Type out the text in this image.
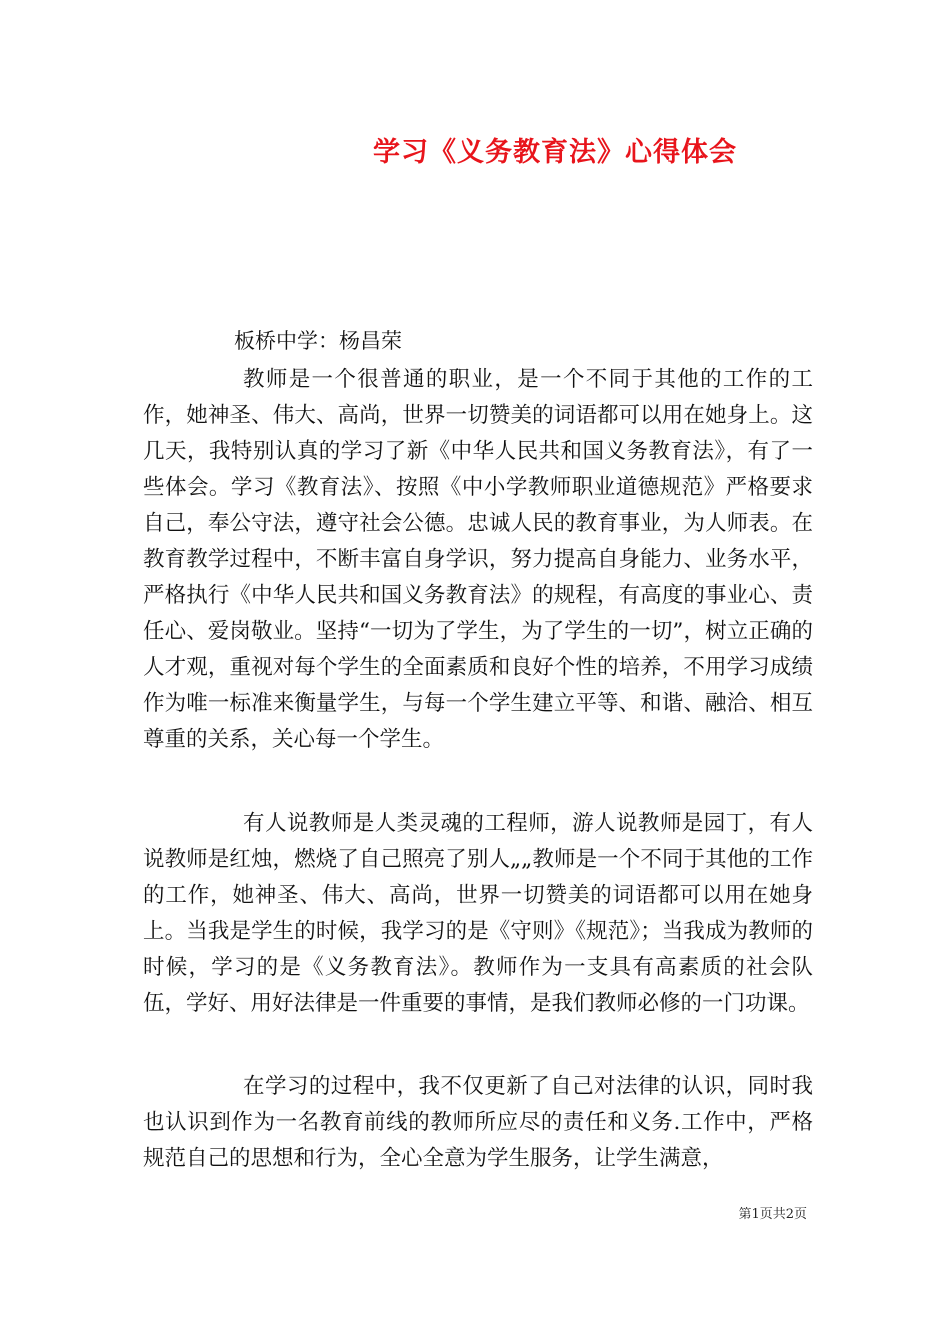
学习《义务教育法》心得体会

板桥中学：杨昌荣

教师是一个很普通的职业，是一个不同于其他的工作的工作，她神圣、伟大、高尚，世界一切赞美的词语都可以用在她身上。这几天，我特别认真的学习了新《中华人民共和国义务教育法》，有了一些体会。学习《教育法》、按照《中小学教师职业道德规范》严格要求自己，奉公守法，遵守社会公德。忠诚人民的教育事业，为人师表。在教育教学过程中，不断丰富自身学识，努力提高自身能力、业务水平，严格执行《中华人民共和国义务教育法》的规程，有高度的事业心、责任心、爱岗敬业。坚持“一切为了学生，为了学生的一切”，树立正确的人才观，重视对每个学生的全面素质和良好个性的培养，不用学习成绩作为唯一标准来衡量学生，与每一个学生建立平等、和谐、融洽、相互尊重的关系，关心每一个学生。

有人说教师是人类灵魂的工程师，游人说教师是园丁，有人说教师是红烛，燃烧了自己照亮了别人„„教师是一个不同于其他的工作的工作，她神圣、伟大、高尚，世界一切赞美的词语都可以用在她身上。当我是学生的时候，我学习的是《守则》《规范》；当我成为教师的时候，学习的是《义务教育法》。教师作为一支具有高素质的社会队伍，学好、用好法律是一件重要的事情，是我们教师必修的一门功课。

在学习的过程中，我不仅更新了自己对法律的认识，同时我也认识到作为一名教育前线的教师所应尽的责任和义务.工作中，严格规范自己的思想和行为，全心全意为学生服务，让学生满意，

第1页共2页
